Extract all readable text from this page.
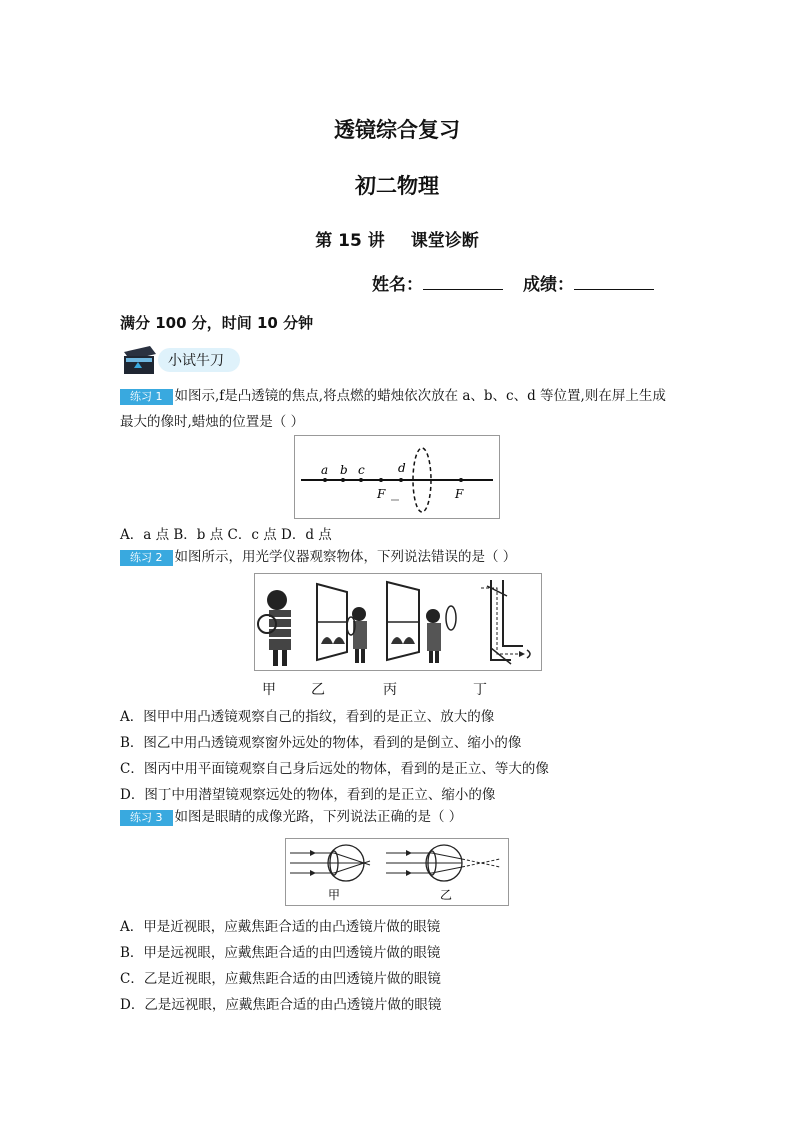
透镜综合复习
初二物理
第 15 讲 课堂诊断
姓名：	成绩：
满分 100 分，时间 10 分钟
小试牛刀
练习 1 如图示,f是凸透镜的焦点,将点燃的蜡烛依次放在 a、b、c、d 等位置,则在屏上生成
最大的像时,蜡烛的位置是（ ）
a b c	d
F	F
A．a 点 B．b 点 C．c 点 D．d 点
练习 2 如图所示，用光学仪器观察物体，下列说法错误的是（ ）
甲	乙	丙	丁
A．图甲中用凸透镜观察自己的指纹，看到的是正立、放大的像
B．图乙中用凸透镜观察窗外远处的物体，看到的是倒立、缩小的像
C．图丙中用平面镜观察自己身后远处的物体，看到的是正立、等大的像
D．图丁中用潜望镜观察远处的物体，看到的是正立、缩小的像
练习 3 如图是眼睛的成像光路，下列说法正确的是（ ）
甲	乙
A．甲是近视眼，应戴焦距合适的由凸透镜片做的眼镜
B．甲是远视眼，应戴焦距合适的由凹透镜片做的眼镜
C．乙是近视眼，应戴焦距合适的由凹透镜片做的眼镜
D．乙是远视眼，应戴焦距合适的由凸透镜片做的眼镜
